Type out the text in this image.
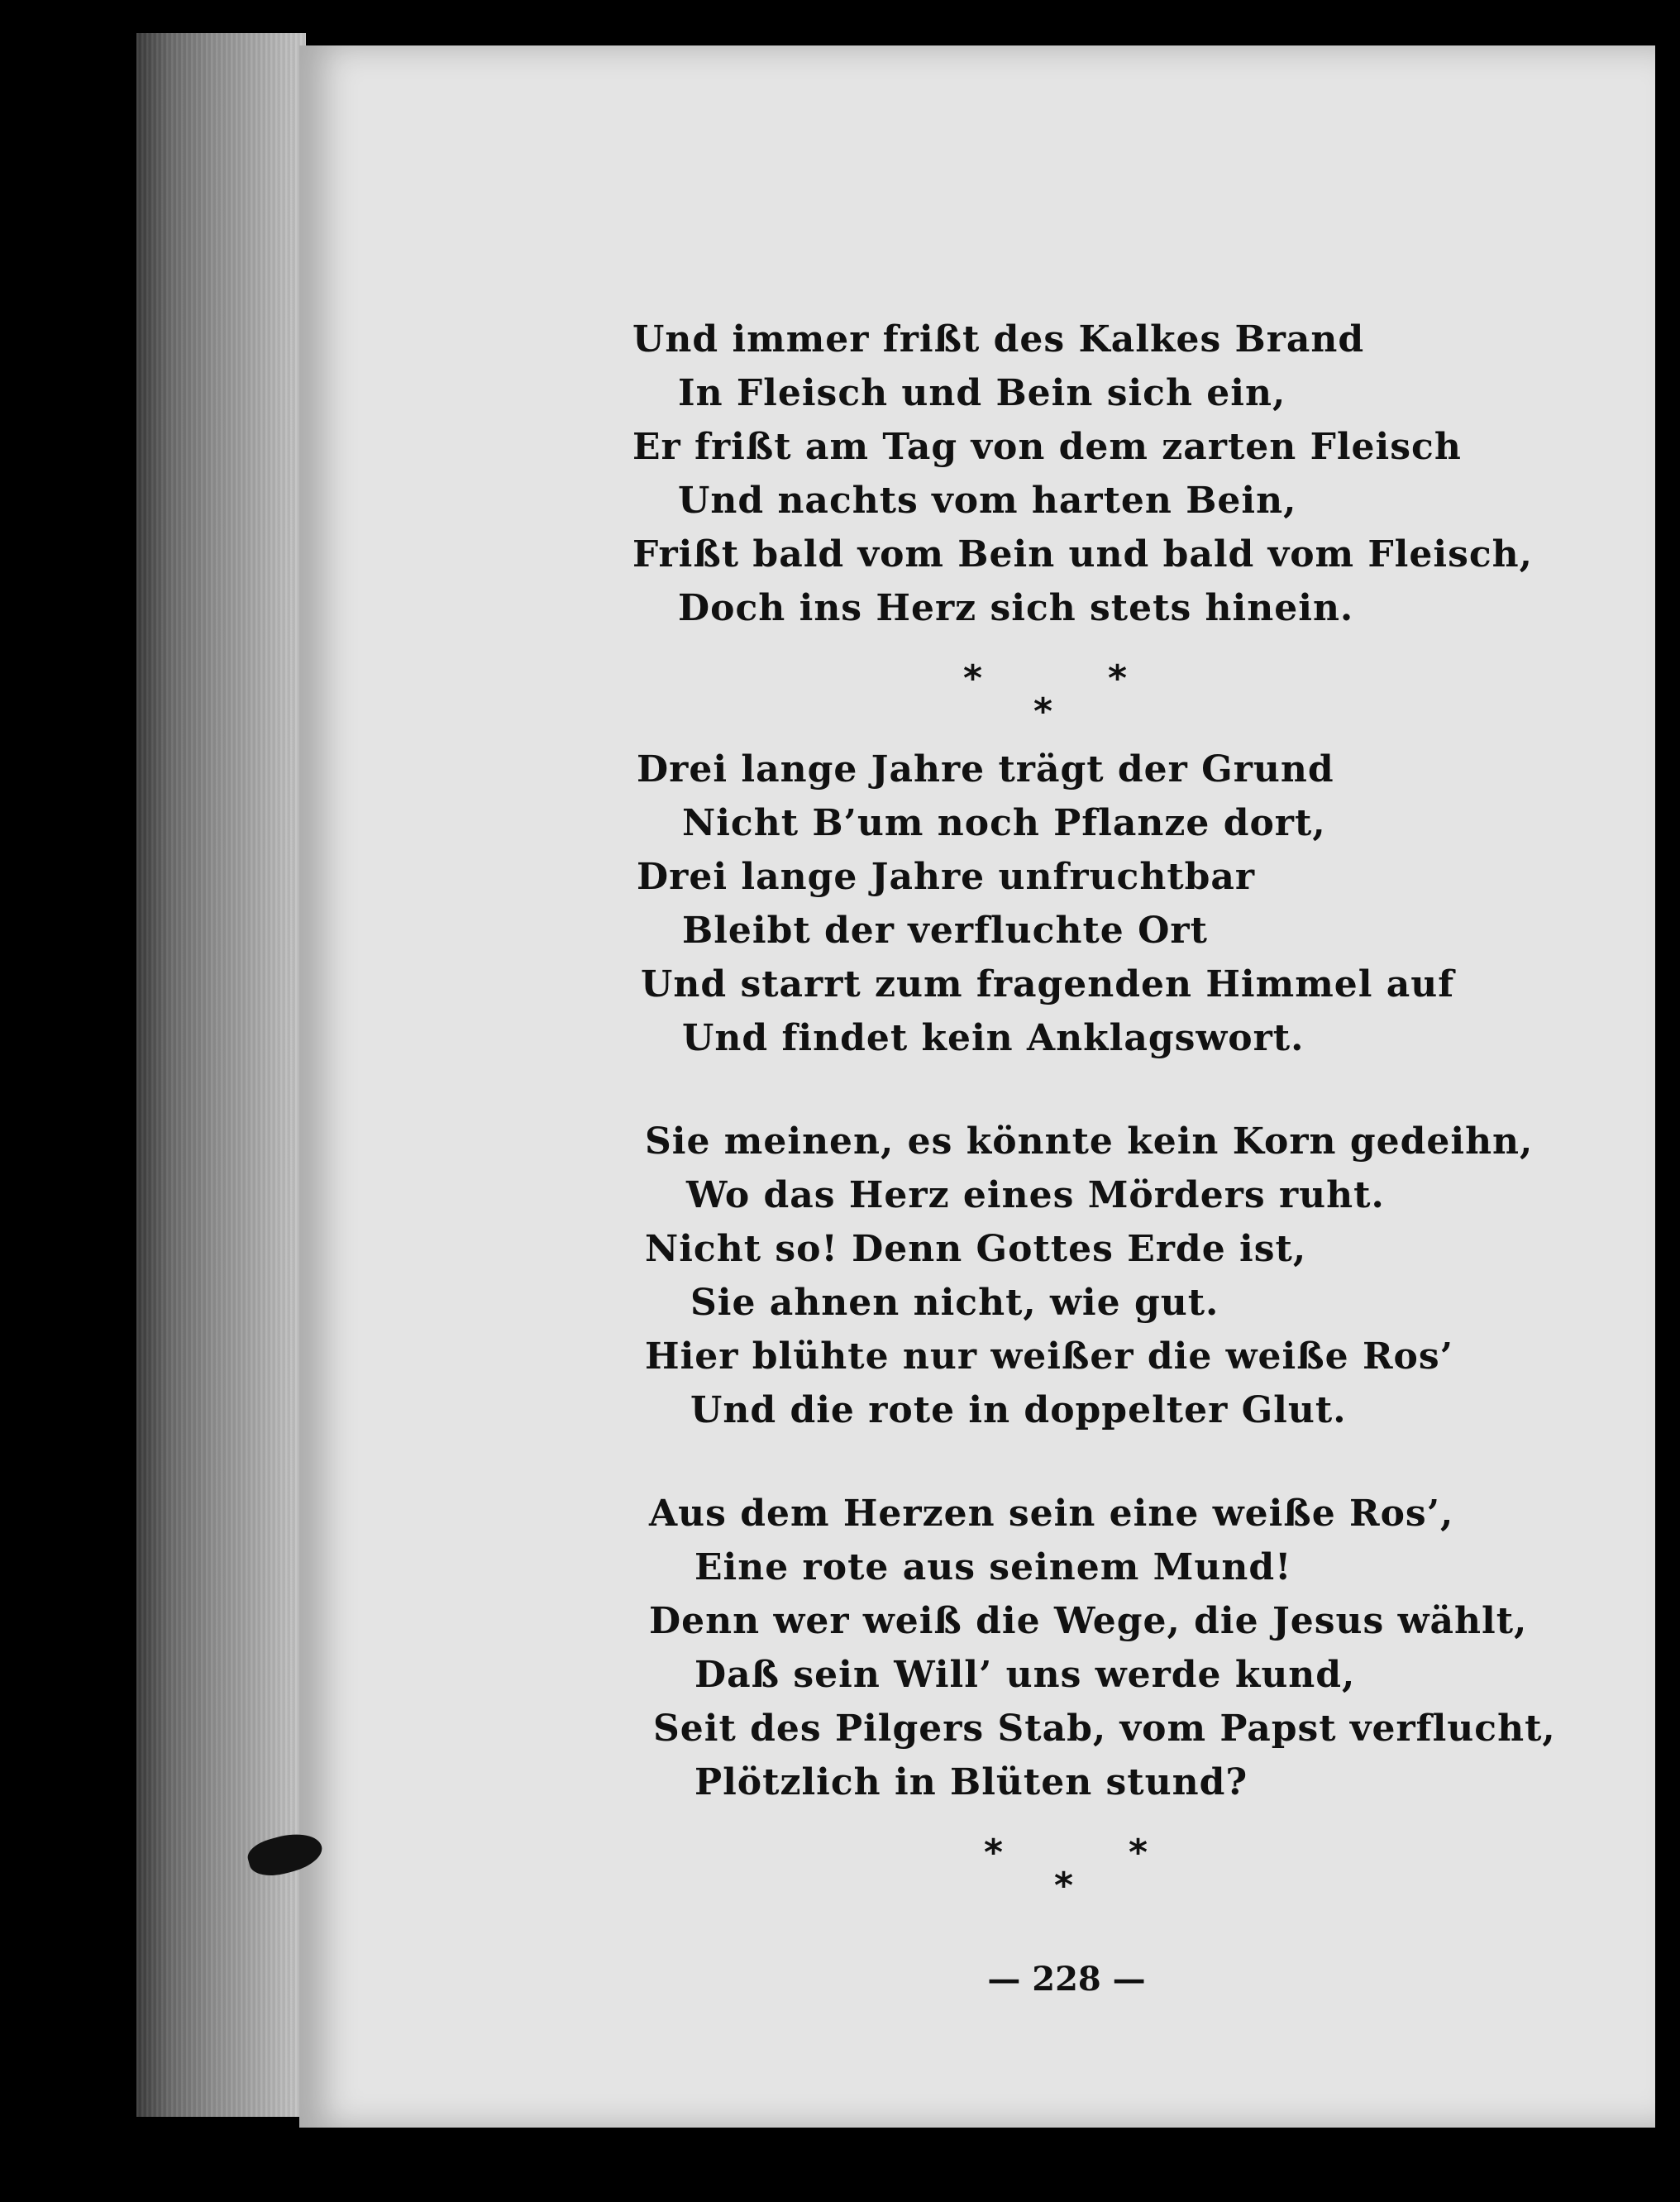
Und immer frißt des Kalkes Brand
In Fleisch und Bein sich ein,
Er frißt am Tag von dem zarten Fleisch
Und nachts vom harten Bein,
Frißt bald vom Bein und bald vom Fleisch,
Doch ins Herz sich stets hinein.
*	*
*
Drei lange Jahre trägt der Grund
Nicht B’um noch Pflanze dort,
Drei lange Jahre unfruchtbar
Bleibt der verfluchte Ort
Und starrt zum fragenden Himmel auf
Und findet kein Anklagswort.
Sie meinen, es könnte kein Korn gedeihn,
Wo das Herz eines Mörders ruht.
Nicht so! Denn Gottes Erde ist,
Sie ahnen nicht, wie gut.
Hier blühte nur weißer die weiße Ros’
Und die rote in doppelter Glut.
Aus dem Herzen sein eine weiße Ros’,
Eine rote aus seinem Mund!
Denn wer weiß die Wege, die Jesus wählt,
Daß sein Will’ uns werde kund,
Seit des Pilgers Stab, vom Papst verflucht,
Plötzlich in Blüten stund?
*	*
*
— 228 —
